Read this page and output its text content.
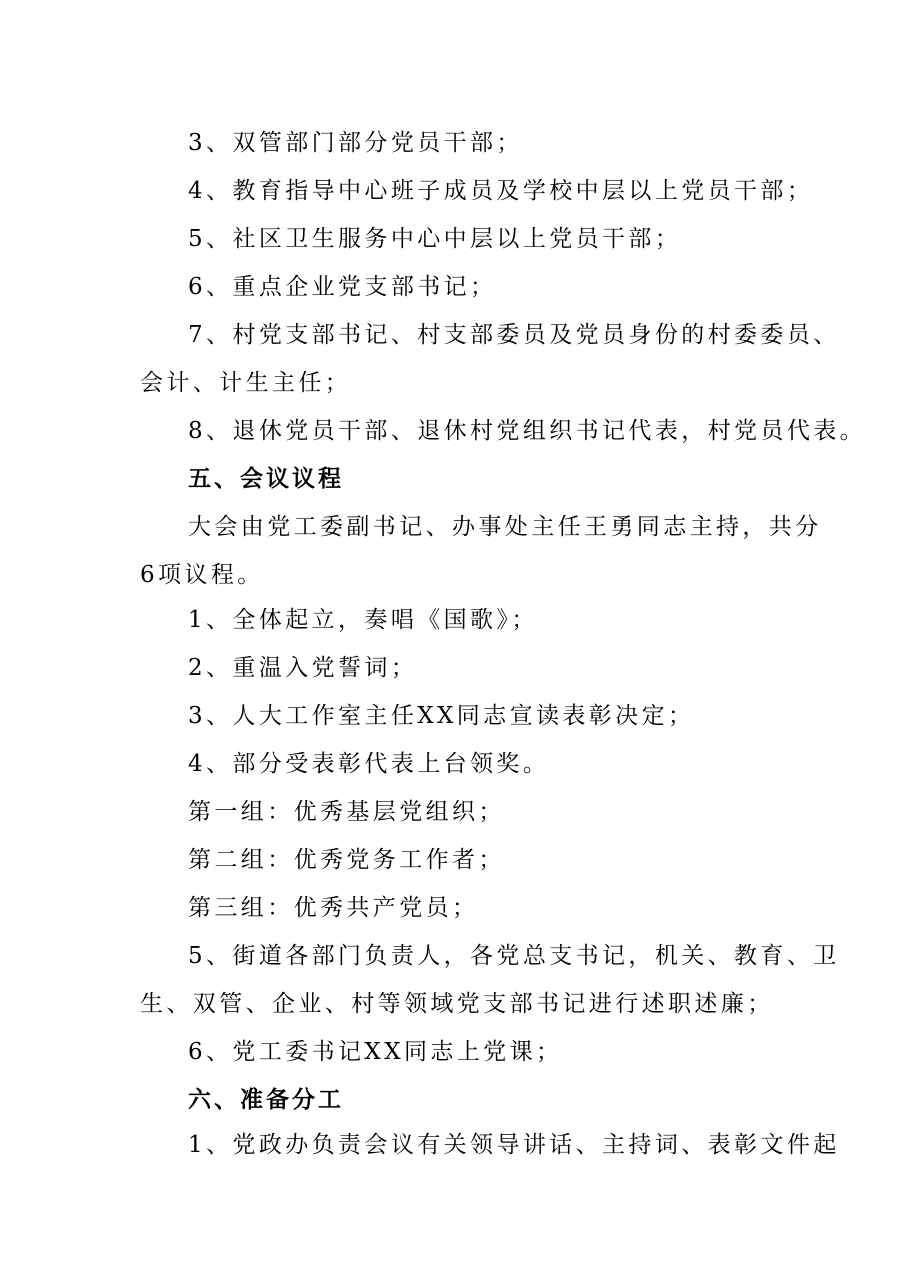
3、双管部门部分党员干部；
4、教育指导中心班子成员及学校中层以上党员干部；
5、社区卫生服务中心中层以上党员干部；
6、重点企业党支部书记；
7、村党支部书记、村支部委员及党员身份的村委委员、
会计、计生主任；
8、退休党员干部、退休村党组织书记代表，村党员代表。
五、会议议程
大会由党工委副书记、办事处主任王勇同志主持，共分
6项议程。
1、全体起立，奏唱《国歌》；
2、重温入党誓词；
3、人大工作室主任XX同志宣读表彰决定；
4、部分受表彰代表上台领奖。
第一组：优秀基层党组织；
第二组：优秀党务工作者；
第三组：优秀共产党员；
5、街道各部门负责人，各党总支书记，机关、教育、卫
生、双管、企业、村等领域党支部书记进行述职述廉；
6、党工委书记XX同志上党课；
六、准备分工
1、党政办负责会议有关领导讲话、主持词、表彰文件起
